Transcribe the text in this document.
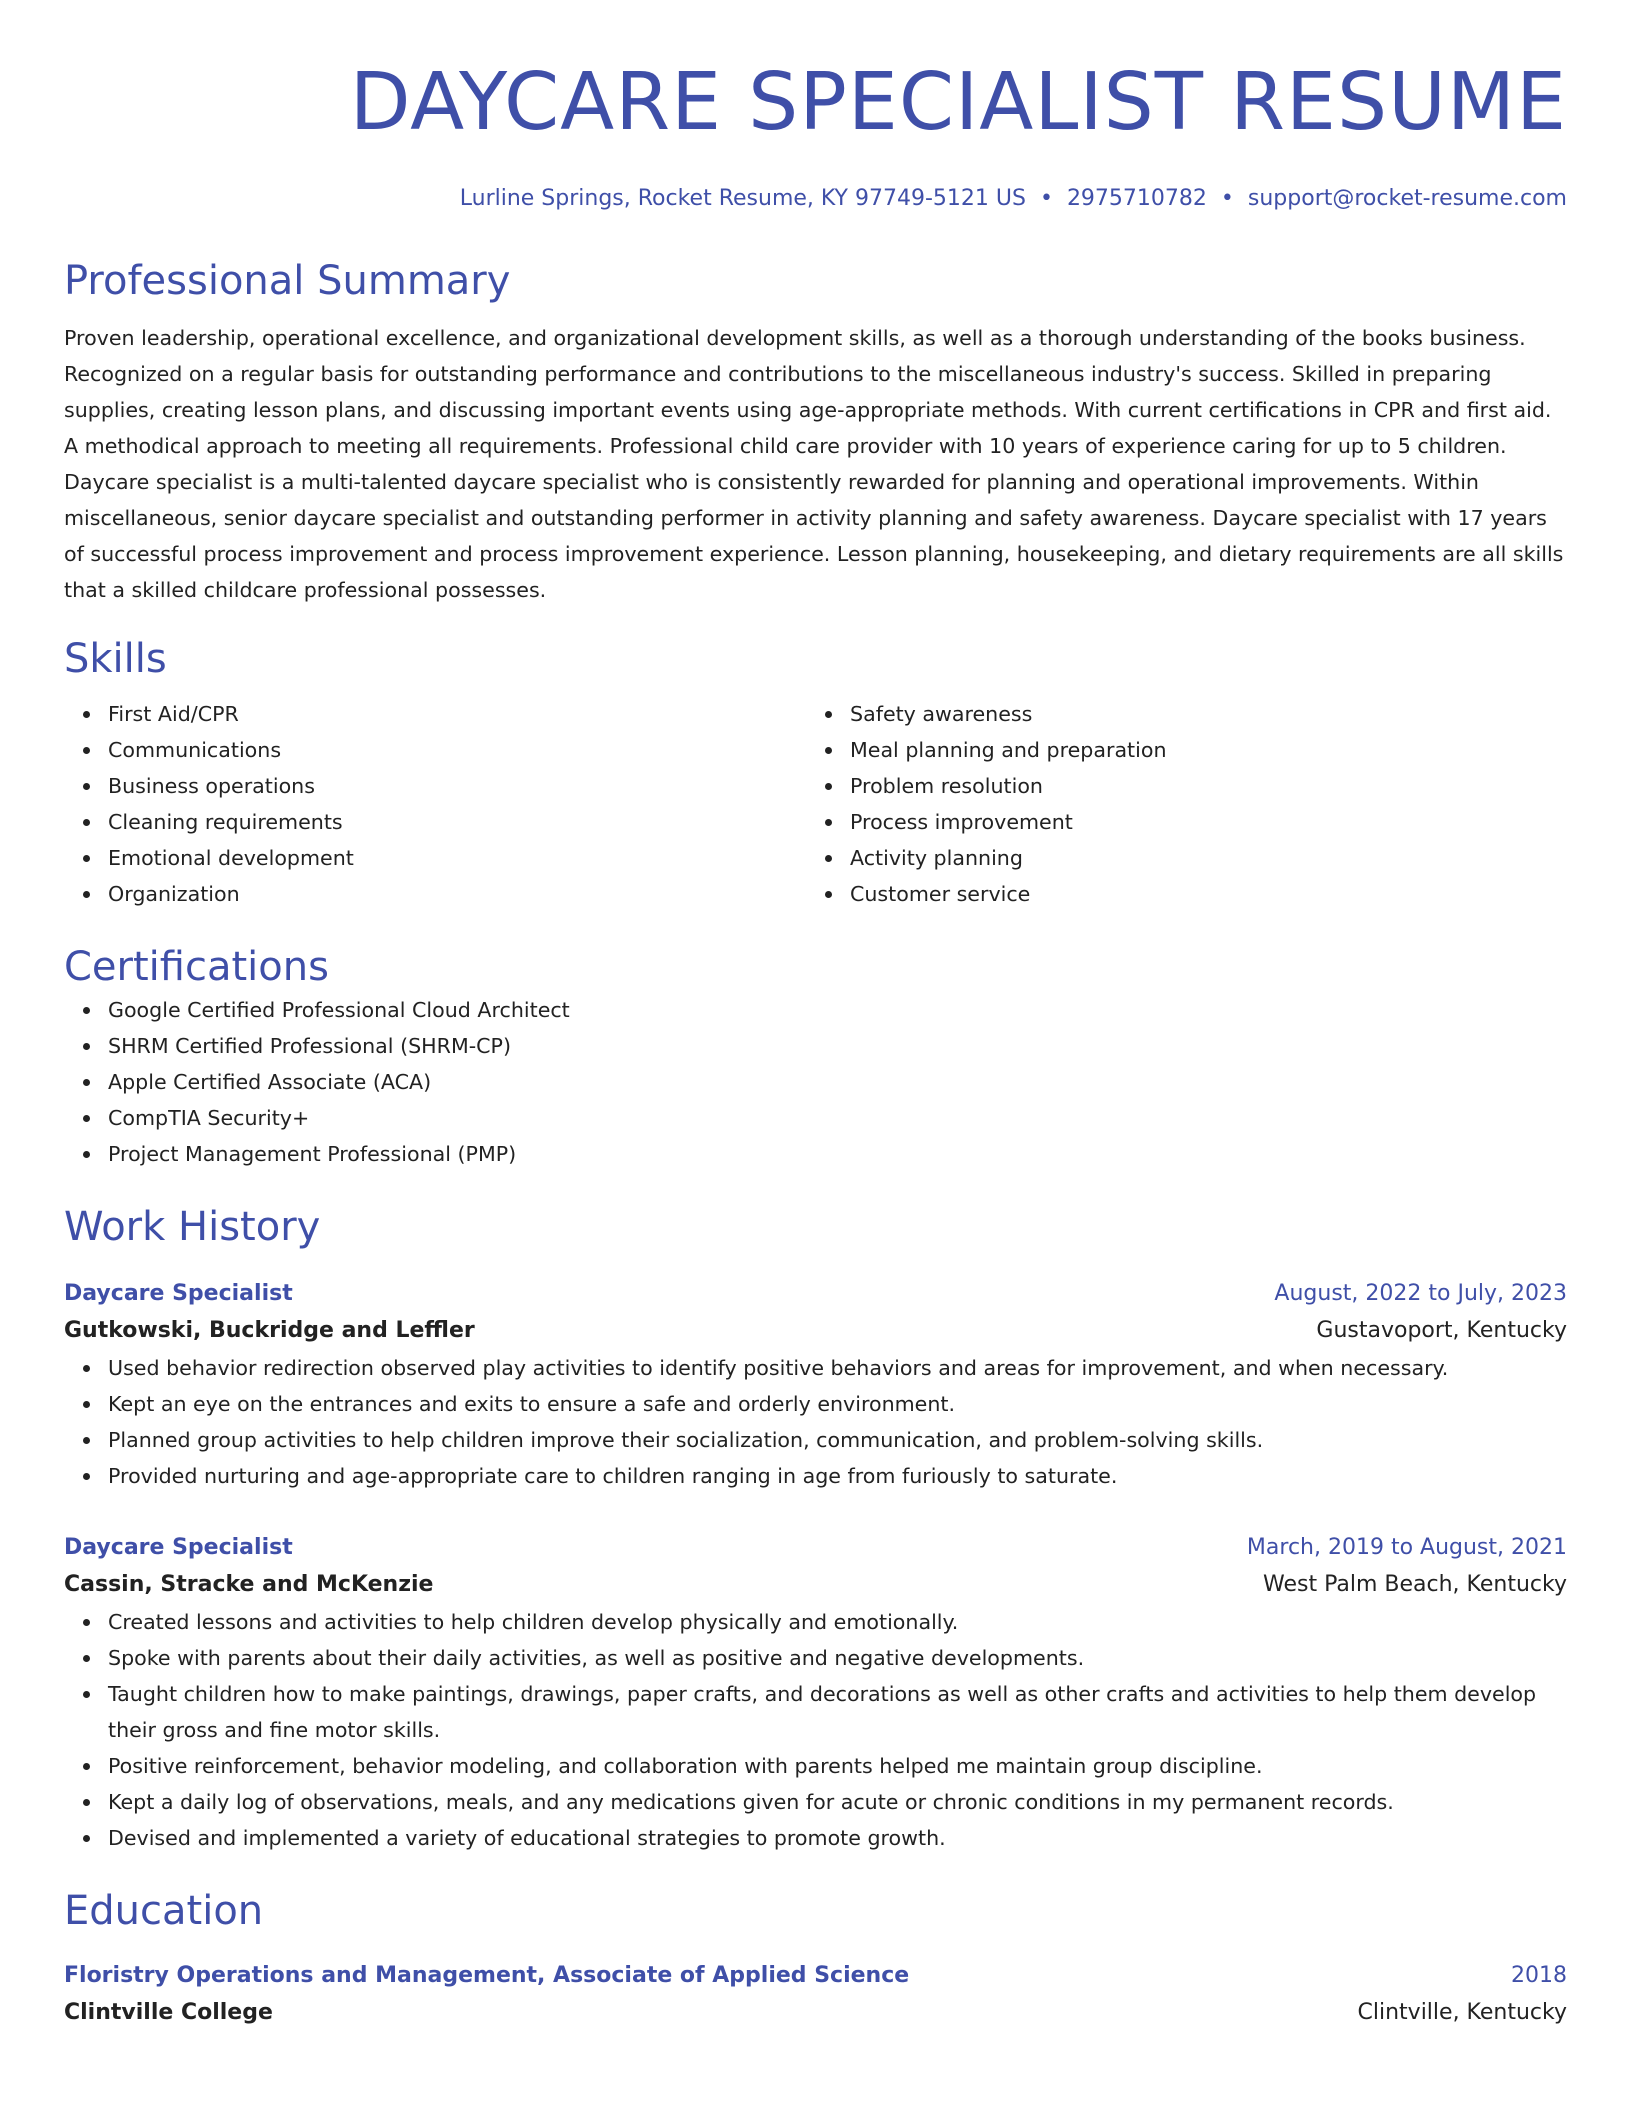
DAYCARE SPECIALIST RESUME
Lurline Springs, Rocket Resume, KY 97749-5121 US • 2975710782 • support@rocket-resume.com
Professional Summary

Proven leadership, operational excellence, and organizational development skills, as well as a thorough understanding of the books business. Recognized on a regular basis for outstanding performance and contributions to the miscellaneous industry's success. Skilled in preparing supplies, creating lesson plans, and discussing important events using age-appropriate methods. With current certifications in CPR and first aid. A methodical approach to meeting all requirements. Professional child care provider with 10 years of experience caring for up to 5 children. Daycare specialist is a multi-talented daycare specialist who is consistently rewarded for planning and operational improvements. Within miscellaneous, senior daycare specialist and outstanding performer in activity planning and safety awareness. Daycare specialist with 17 years of successful process improvement and process improvement experience. Lesson planning, housekeeping, and dietary requirements are all skills that a skilled childcare professional possesses.

Skills
First Aid/CPR
Communications
Business operations
Cleaning requirements
Emotional development
Organization
Safety awareness
Meal planning and preparation
Problem resolution
Process improvement
Activity planning
Customer service
Certifications
Google Certified Professional Cloud Architect
SHRM Certified Professional (SHRM-CP)
Apple Certified Associate (ACA)
CompTIA Security+
Project Management Professional (PMP)
Work History
Daycare Specialist	August, 2022 to July, 2023
Gutkowski, Buckridge and Leffler	Gustavoport, Kentucky
Used behavior redirection observed play activities to identify positive behaviors and areas for improvement, and when necessary.
Kept an eye on the entrances and exits to ensure a safe and orderly environment.
Planned group activities to help children improve their socialization, communication, and problem-solving skills.
Provided nurturing and age-appropriate care to children ranging in age from furiously to saturate.
Daycare Specialist	March, 2019 to August, 2021
Cassin, Stracke and McKenzie	West Palm Beach, Kentucky
Created lessons and activities to help children develop physically and emotionally.
Spoke with parents about their daily activities, as well as positive and negative developments.
Taught children how to make paintings, drawings, paper crafts, and decorations as well as other crafts and activities to help them develop their gross and fine motor skills.
Positive reinforcement, behavior modeling, and collaboration with parents helped me maintain group discipline.
Kept a daily log of observations, meals, and any medications given for acute or chronic conditions in my permanent records.
Devised and implemented a variety of educational strategies to promote growth.
Education
Floristry Operations and Management, Associate of Applied Science	2018
Clintville College	Clintville, Kentucky
